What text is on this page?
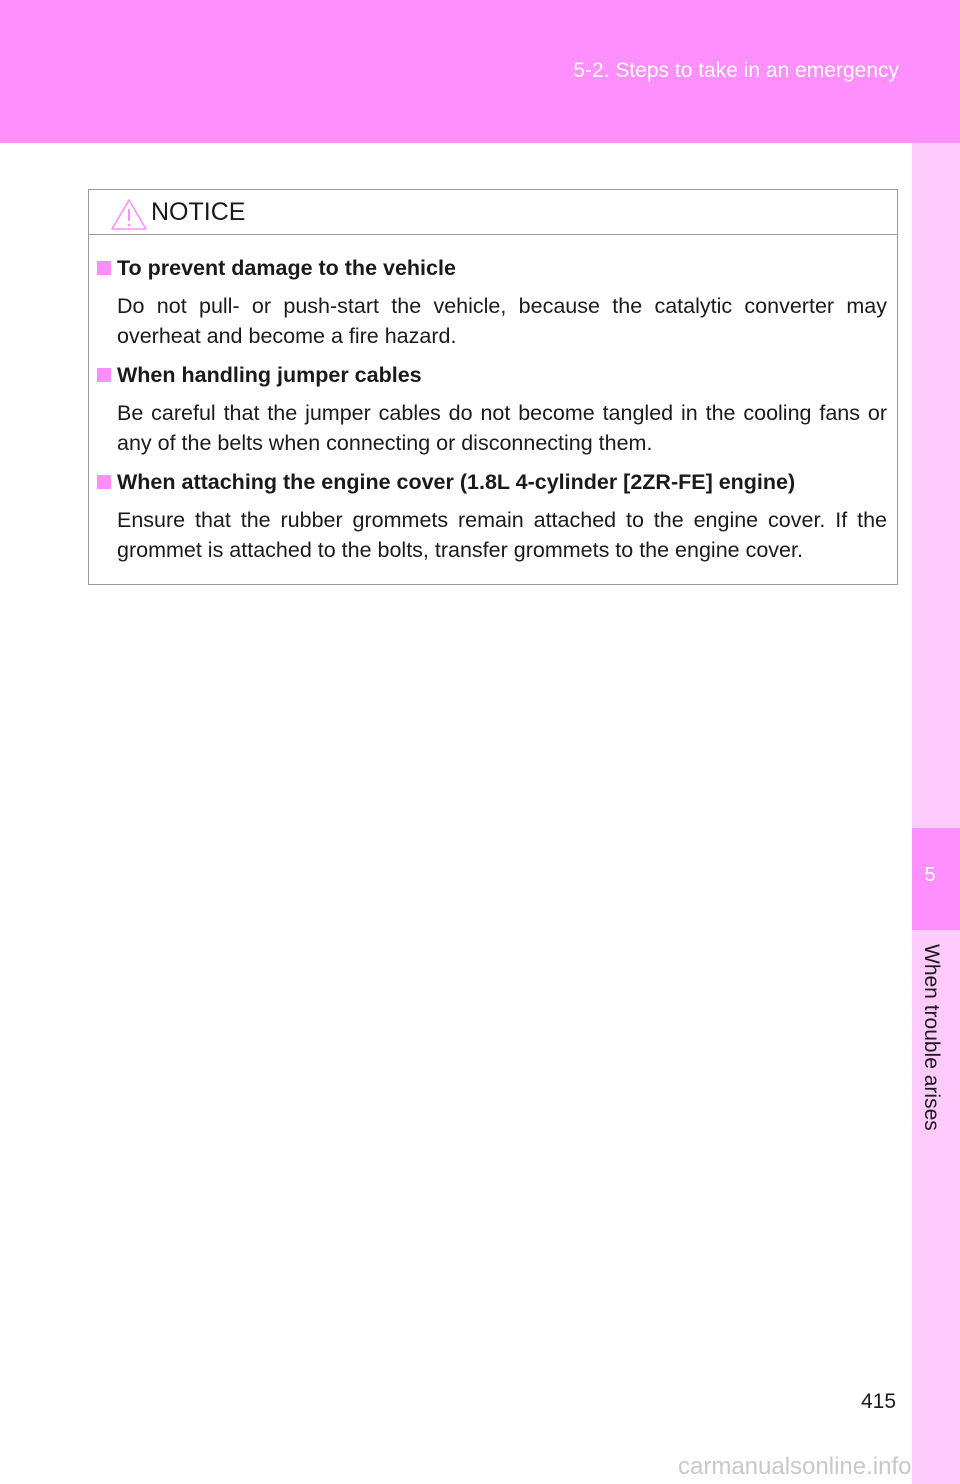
5-2. Steps to take in an emergency
5
When trouble arises
NOTICE
To prevent damage to the vehicle

Do not pull- or push-start the vehicle, because the catalytic converter may overheat and become a fire hazard.

When handling jumper cables

Be careful that the jumper cables do not become tangled in the cooling fans or any of the belts when connecting or disconnecting them.

When attaching the engine cover (1.8L 4-cylinder [2ZR-FE] engine)

Ensure that the rubber grommets remain attached to the engine cover. If the grommet is attached to the bolts, transfer grommets to the engine cover.

415
carmanualsonline.info
